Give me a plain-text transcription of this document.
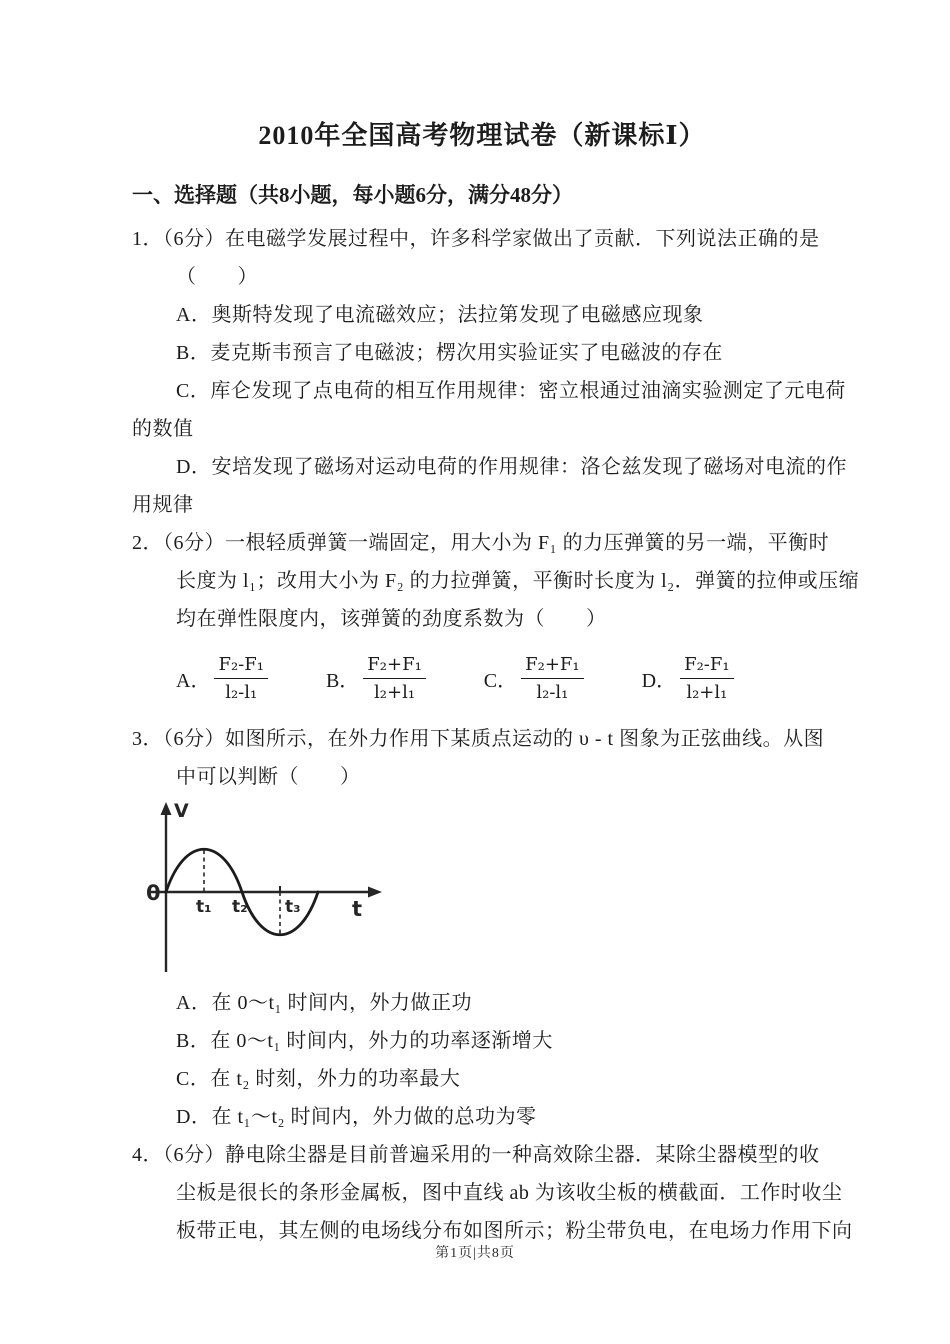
2010年全国高考物理试卷（新课标Ⅰ）
一、选择题（共8小题，每小题6分，满分48分）

1．（6分）在电磁学发展过程中，许多科学家做出了贡献．下列说法正确的是

（　　）

A．奥斯特发现了电流磁效应；法拉第发现了电磁感应现象

B．麦克斯韦预言了电磁波；楞次用实验证实了电磁波的存在

C．库仑发现了点电荷的相互作用规律：密立根通过油滴实验测定了元电荷

的数值

D．安培发现了磁场对运动电荷的作用规律：洛仑兹发现了磁场对电流的作

用规律

2．（6分）一根轻质弹簧一端固定，用大小为 F₁ 的力压弹簧的另一端，平衡时

长度为 l₁；改用大小为 F₂ 的力拉弹簧，平衡时长度为 l₂．弹簧的拉伸或压缩

均在弹性限度内，该弹簧的劲度系数为（　　）

A． $\frac{\text{F₂-F₁}}{\text{l₂-l₁}}$	B． $\frac{\text{F₂+F₁}}{\text{l₂+l₁}}$	C． $\frac{\text{F₂+F₁}}{\text{l₂-l₁}}$	D． $\frac{\text{F₂-F₁}}{\text{l₂+l₁}}$

3．（6分）如图所示，在外力作用下某质点运动的 υ - t 图象为正弦曲线。从图

中可以判断（　　）

V
0
t₁ t₂ t₃ t

A．在 0～t₁ 时间内，外力做正功

B．在 0～t₁ 时间内，外力的功率逐渐增大

C．在 t₂ 时刻，外力的功率最大

D．在 t₁～t₂ 时间内，外力做的总功为零

4．（6分）静电除尘器是目前普遍采用的一种高效除尘器．某除尘器模型的收

尘板是很长的条形金属板，图中直线 ab 为该收尘板的横截面．工作时收尘

板带正电，其左侧的电场线分布如图所示；粉尘带负电，在电场力作用下向

第1页|共8页
